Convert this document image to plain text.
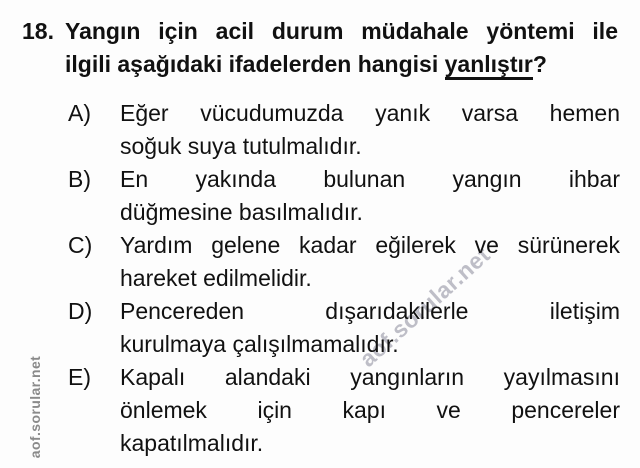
aof.sorular.net
aof.sorular.net
18. Yangın için acil durum müdahale yöntemi ile
ilgili aşağıdaki ifadelerden hangisi yanlıştır?
A)	Eğer vücudumuzda yanık varsa hemen
soğuk suya tutulmalıdır.
B)	En yakında bulunan yangın ihbar
düğmesine basılmalıdır.
C)	Yardım gelene kadar eğilerek ve sürünerek
hareket edilmelidir.
D)	Pencereden dışarıdakilerle iletişim
kurulmaya çalışılmamalıdır.
E)	Kapalı alandaki yangınların yayılmasını
önlemek için kapı ve pencereler
kapatılmalıdır.
